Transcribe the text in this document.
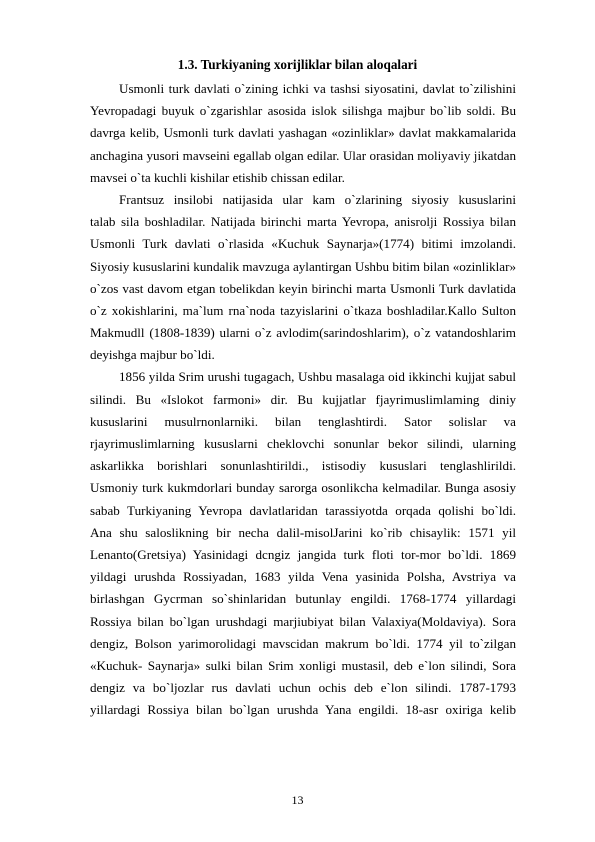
1.3. Turkiyaning xorijliklar bilan aloqalari
Usmonli turk davlati o`zining ichki va tashsi siyosatini, davlat to`zilishini
Yevropadagi buyuk o`zgarishlar asosida islok silishga majbur bo`lib soldi. Bu
davrga kelib, Usmonli turk davlati yashagan «ozinliklar» davlat makkamalarida
anchagina yusori mavseini egallab olgan edilar. Ular orasidan moliyaviy jikatdan
mavsei o`ta kuchli kishilar etishib chissan edilar.
Frantsuz insilobi natijasida ular kam o`zlarining siyosiy kususlarini
talab sila boshladilar. Natijada birinchi marta Yevropa, anisrolji Rossiya bilan
Usmonli Turk davlati o`rlasida «Kuchuk Saynarja»(1774) bitimi imzolandi.
Siyosiy kususlarini kundalik mavzuga aylantirgan Ushbu bitim bilan «ozinliklar»
o`zos vast davom etgan tobelikdan keyin birinchi marta Usmonli Turk davlatida
o`z xokishlarini, ma`lum rna`noda tazyislarini o`tkaza boshladilar.Kallo Sulton
Makmudll (1808-1839) ularni o`z avlodim(sarindoshlarim), o`z vatandoshlarim
deyishga majbur bo`ldi.
1856 yilda Srim urushi tugagach, Ushbu masalaga oid ikkinchi kujjat sabul
silindi. Bu «Islokot farmoni» dir. Bu kujjatlar fjayrimuslimlaming diniy
kususlarini musulrnonlarniki. bilan tenglashtirdi. Sator solislar va
rjayrimuslimlarning kususlarni cheklovchi sonunlar bekor silindi, ularning
askarlikka borishlari sonunlashtirildi., istisodiy kususlari tenglashlirildi.
Usmoniy turk kukmdorlari bunday sarorga osonlikcha kelmadilar. Bunga asosiy
sabab Turkiyaning Yevropa davlatlaridan tarassiyotda orqada qolishi bo`ldi.
Ana shu saloslikning bir necha dalil-misolJarini ko`rib chisaylik: 1571 yil
Lenanto(Gretsiya) Yasinidagi dcngiz jangida turk floti tor-mor bo`ldi. 1869
yildagi urushda Rossiyadan, 1683 yilda Vena yasinida Polsha, Avstriya va
birlashgan Gycrman so`shinlaridan butunlay engildi. 1768-1774 yillardagi
Rossiya bilan bo`lgan urushdagi marjiubiyat bilan Valaxiya(Moldaviya). Sora
dengiz, Bolson yarimorolidagi mavscidan makrum bo`ldi. 1774 yil to`zilgan
«Kuchuk- Saynarja» sulki bilan Srim xonligi mustasil, deb e`lon silindi, Sora
dengiz va bo`ljozlar rus davlati uchun ochis deb e`lon silindi. 1787-1793
yillardagi Rossiya bilan bo`lgan urushda Yana engildi. 18-asr oxiriga kelib
13
